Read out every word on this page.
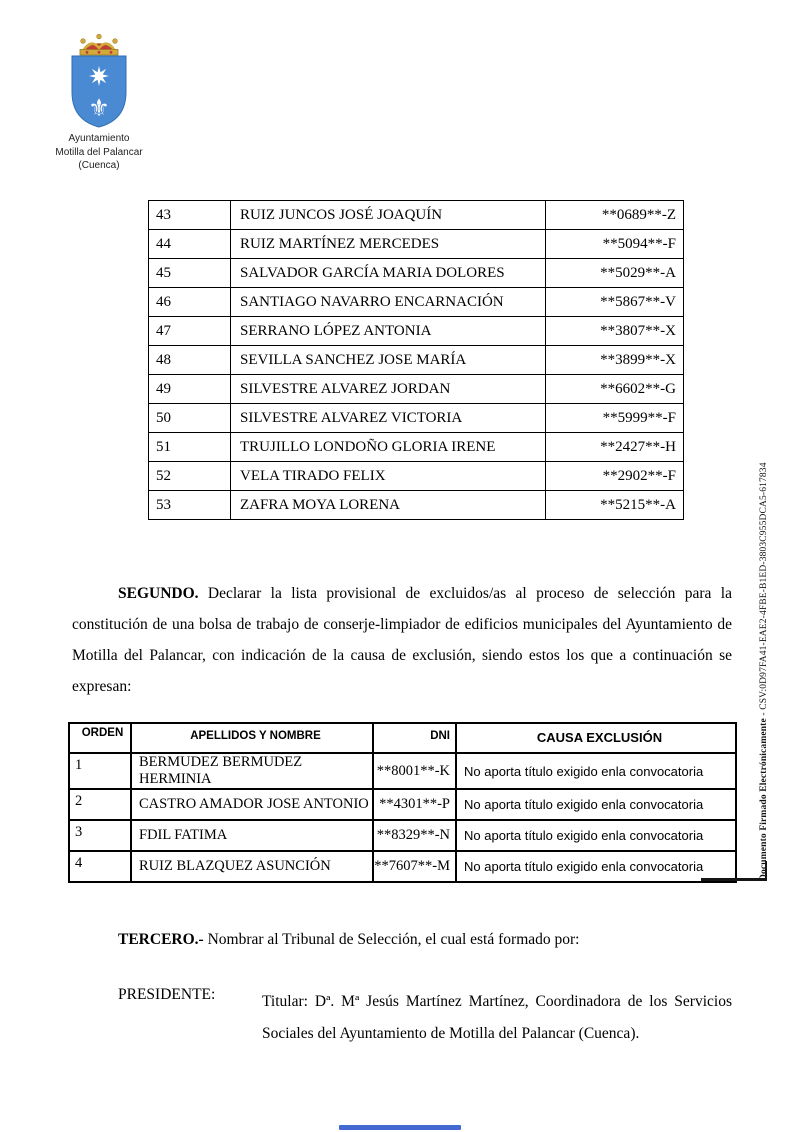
⚜
Ayuntamiento
Motilla del Palancar
(Cuenca)
43	RUIZ JUNCOS JOSÉ JOAQUÍN	**0689**-Z
44	RUIZ MARTÍNEZ MERCEDES	**5094**-F
45	SALVADOR GARCÍA MARIA DOLORES	**5029**-A
46	SANTIAGO NAVARRO ENCARNACIÓN	**5867**-V
47	SERRANO LÓPEZ ANTONIA	**3807**-X
48	SEVILLA SANCHEZ JOSE MARÍA	**3899**-X
49	SILVESTRE ALVAREZ JORDAN	**6602**-G
50	SILVESTRE ALVAREZ VICTORIA	**5999**-F
51	TRUJILLO LONDOÑO GLORIA IRENE	**2427**-H
52	VELA TIRADO FELIX	**2902**-F
53	ZAFRA MOYA LORENA	**5215**-A

SEGUNDO. Declarar la lista provisional de excluidos/as al proceso de selección para la constitución de una bolsa de trabajo de conserje-limpiador de edificios municipales del Ayuntamiento de Motilla del Palancar, con indicación de la causa de exclusión, siendo estos los que a continuación se expresan:

ORDEN	APELLIDOS Y NOMBRE	DNI	CAUSA EXCLUSIÓN
1	BERMUDEZ BERMUDEZ HERMINIA	**8001**-K	No aporta título exigido enla convocatoria
2	CASTRO AMADOR JOSE ANTONIO	**4301**-P	No aporta título exigido enla convocatoria
3	FDIL FATIMA	**8329**-N	No aporta título exigido enla convocatoria
4	RUIZ BLAZQUEZ ASUNCIÓN	**7607**-M	No aporta título exigido enla convocatoria

TERCERO.- Nombrar al Tribunal de Selección, el cual está formado por:

PRESIDENTE:	Titular: Dª. Mª Jesús Martínez Martínez, Coordinadora de los Servicios
Sociales del Ayuntamiento de Motilla del Palancar (Cuenca).
Documento Firmado Electrónicamente - CSV:0D97FA41-EAE2-4FBE-B1ED-3803C955DCA5-617834
